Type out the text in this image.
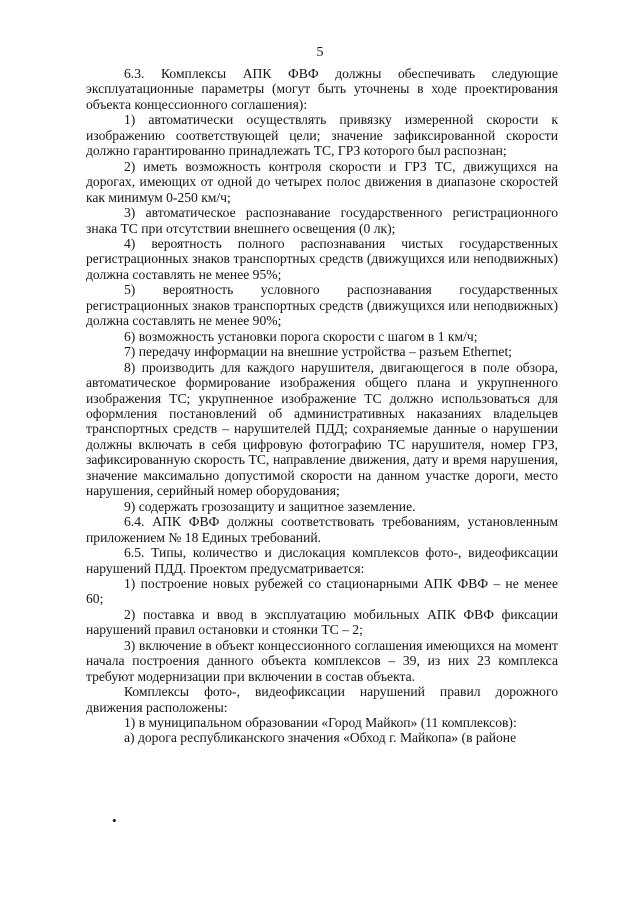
5

6.3. Комплексы АПК ФВФ должны обеспечивать следующие эксплуатационные параметры (могут быть уточнены в ходе проектирования объекта концессионного соглашения):

1) автоматически осуществлять привязку измеренной скорости к изображению соответствующей цели; значение зафиксированной скорости должно гарантированно принадлежать ТС, ГРЗ которого был распознан;

2) иметь возможность контроля скорости и ГРЗ ТС, движущихся на дорогах, имеющих от одной до четырех полос движения в диапазоне скоростей как минимум 0-250 км/ч;

3) автоматическое распознавание государственного регистрационного знака ТС при отсутствии внешнего освещения (0 лк);

4) вероятность полного распознавания чистых государственных регистрационных знаков транспортных средств (движущихся или неподвижных) должна составлять не менее 95%;

5) вероятность условного распознавания государственных регистрационных знаков транспортных средств (движущихся или неподвижных) должна составлять не менее 90%;

6) возможность установки порога скорости с шагом в 1 км/ч;

7) передачу информации на внешние устройства – разъем Ethernet;

8) производить для каждого нарушителя, двигающегося в поле обзора, автоматическое формирование изображения общего плана и укрупненного изображения ТС; укрупненное изображение ТС должно использоваться для оформления постановлений об административных наказаниях владельцев транспортных средств – нарушителей ПДД; сохраняемые данные о нарушении должны включать в себя цифровую фотографию ТС нарушителя, номер ГРЗ, зафиксированную скорость ТС, направление движения, дату и время нарушения, значение максимально допустимой скорости на данном участке дороги, место нарушения, серийный номер оборудования;

9) содержать грозозащиту и защитное заземление.

6.4. АПК ФВФ должны соответствовать требованиям, установленным приложением № 18 Единых требований.

6.5. Типы, количество и дислокация комплексов фото-, видеофиксации нарушений ПДД. Проектом предусматривается:

1) построение новых рубежей со стационарными АПК ФВФ – не менее 60;

2) поставка и ввод в эксплуатацию мобильных АПК ФВФ фиксации нарушений правил остановки и стоянки ТС – 2;

3) включение в объект концессионного соглашения имеющихся на момент начала построения данного объекта комплексов – 39, из них 23 комплекса требуют модернизации при включении в состав объекта.

Комплексы фото-, видеофиксации нарушений правил дорожного движения расположены:

1) в муниципальном образовании «Город Майкоп» (11 комплексов):

а) дорога республиканского значения «Обход г. Майкопа» (в районе

•
